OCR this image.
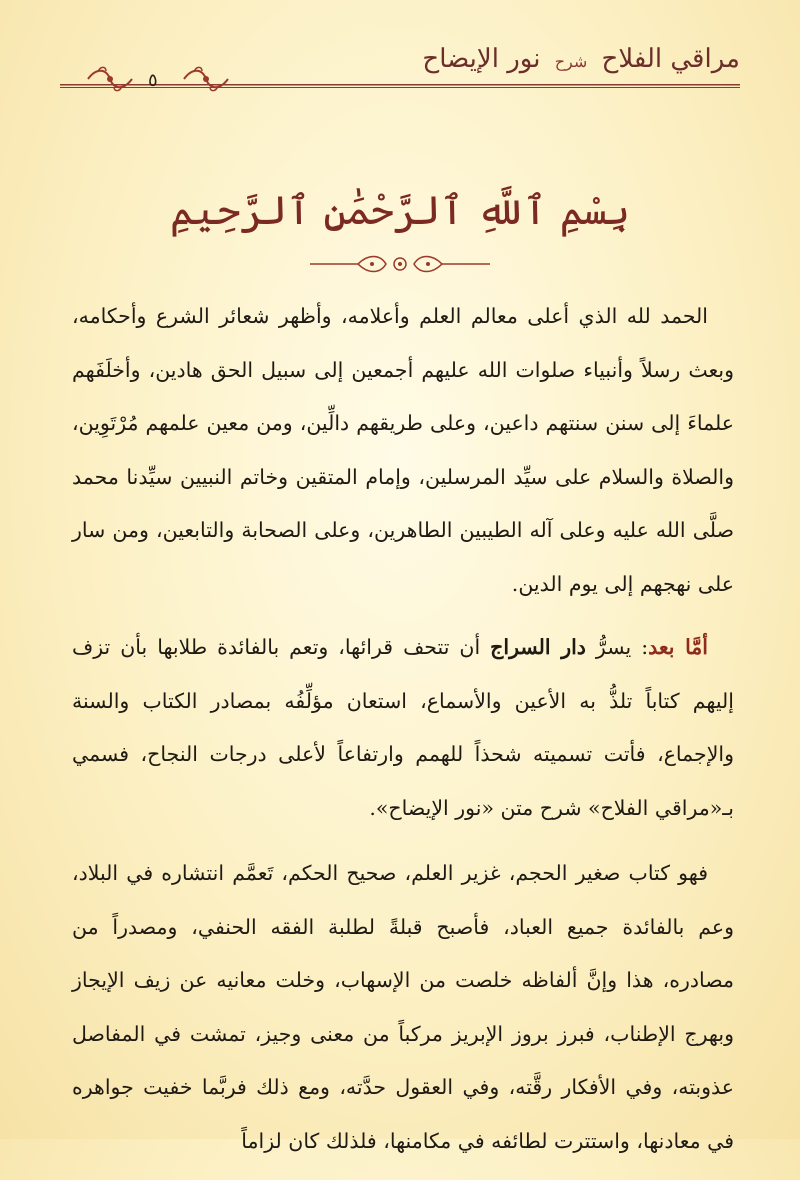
مراقي الفلاح شرح نور الإيضاح
٥
بِسْمِ ٱللَّهِ ٱلرَّحْمَٰنِ ٱلرَّحِيمِ

الحمد لله الذي أعلى معالم العلم وأعلامه، وأظهر شعائر الشرع وأحكامه، وبعث رسلاً وأنبياء صلوات الله عليهم أجمعين إلى سبيل الحق هادين، وأخلَفَهم علماءَ إلى سنن سنتهم داعين، وعلى طريقهم دالِّين، ومن معين علمهم مُرْتَوِين، والصلاة والسلام على سيِّد المرسلين، وإمام المتقين وخاتم النبيين سيِّدنا محمد صلَّى الله عليه وعلى آله الطيبين الطاهرين، وعلى الصحابة والتابعين، ومن سار على نهجهم إلى يوم الدين.

أمَّا بعد: يسرُّ دار السراج أن تتحف قرائها، وتعم بالفائدة طلابها بأن تزف إليهم كتاباً تلذُّ به الأعين والأسماع، استعان مؤلِّفُه بمصادر الكتاب والسنة والإجماع، فأتت تسميته شحذاً للهمم وارتفاعاً لأعلى درجات النجاح، فسمي بـ«مراقي الفلاح» شرح متن «نور الإيضاح».

فهو كتاب صغير الحجم، غزير العلم، صحيح الحكم، تَعمَّم انتشاره في البلاد، وعم بالفائدة جميع العباد، فأصبح قبلةً لطلبة الفقه الحنفي، ومصدراً من مصادره، هذا وإنَّ ألفاظه خلصت من الإسهاب، وخلت معانيه عن زيف الإيجاز وبهرج الإطناب، فبرز بروز الإبريز مركباً من معنى وجيز، تمشت في المفاصل عذوبته، وفي الأفكار رقَّته، وفي العقول حدَّته، ومع ذلك فربَّما خفيت جواهره في معادنها، واستترت لطائفه في مكامنها، فلذلك كان لزاماً
